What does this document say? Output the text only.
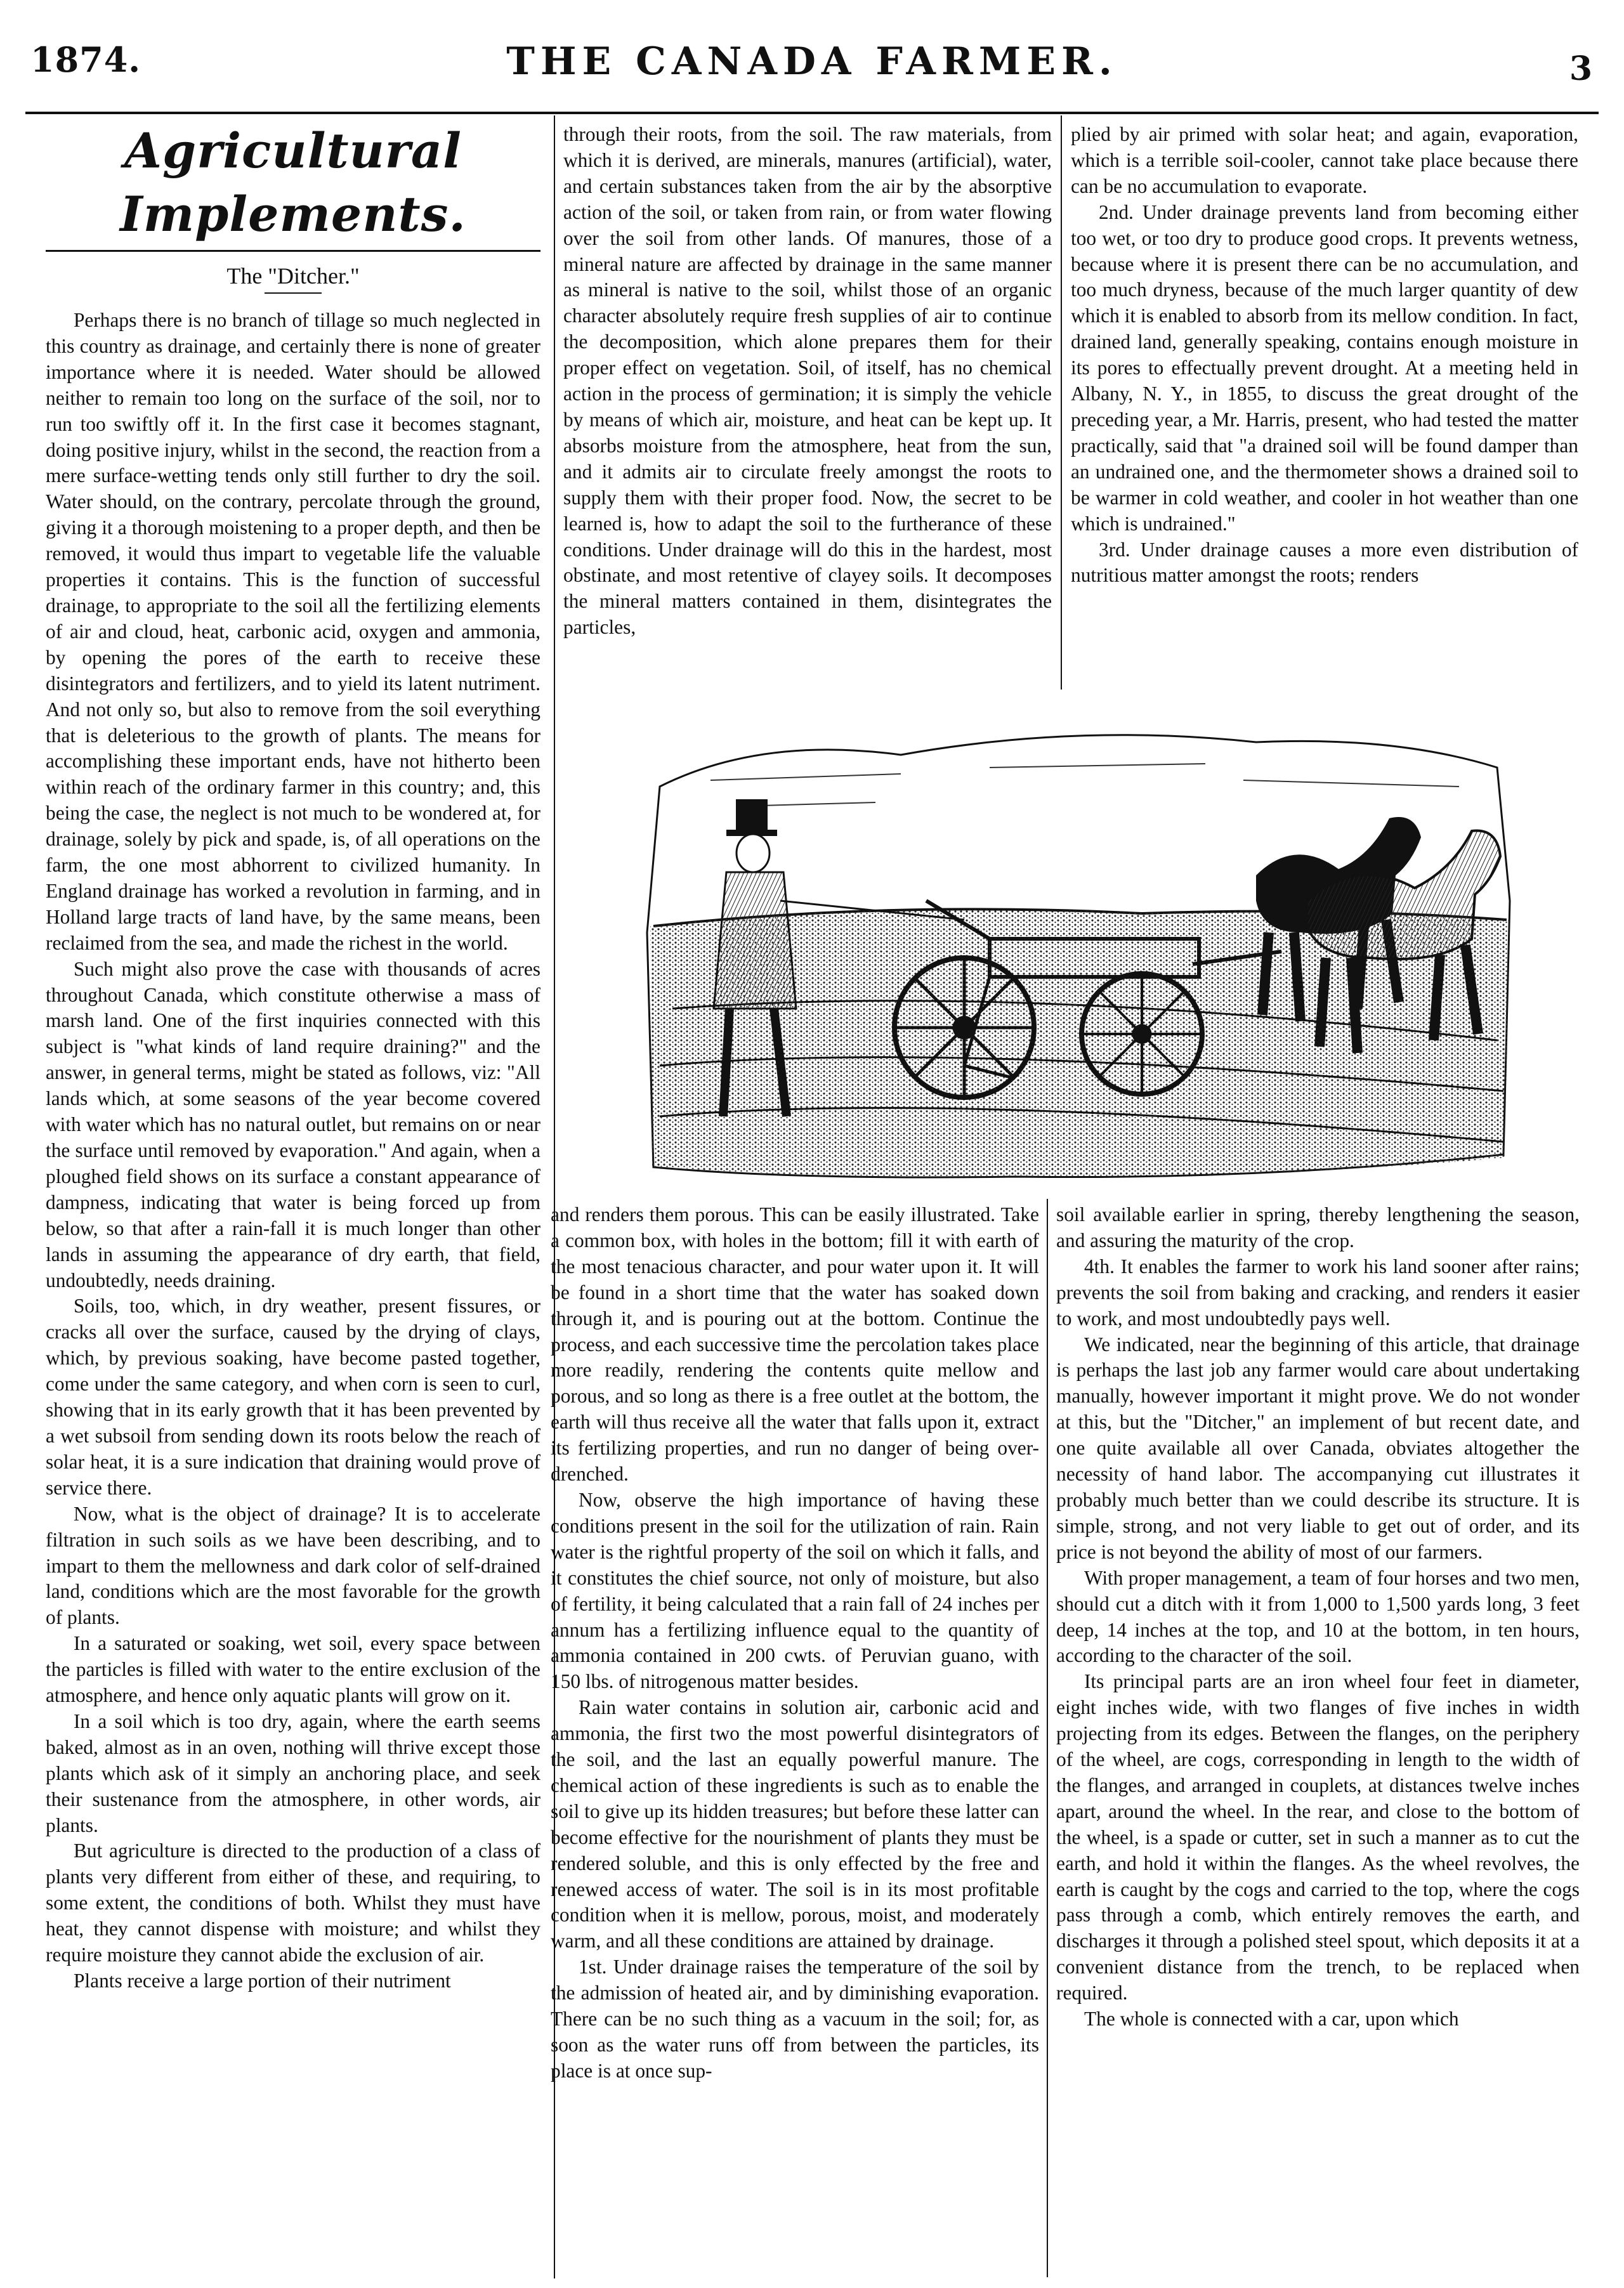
1874.	THE CANADA FARMER.	3
Agricultural Implements.
The "Ditcher."

Perhaps there is no branch of tillage so much neglected in this country as drainage, and certainly there is none of greater importance where it is needed. Water should be allowed neither to remain too long on the surface of the soil, nor to run too swiftly off it. In the first case it becomes stagnant, doing positive injury, whilst in the second, the reaction from a mere surface-wetting tends only still further to dry the soil. Water should, on the contrary, percolate through the ground, giving it a thorough moistening to a proper depth, and then be removed, it would thus impart to vegetable life the valuable properties it contains. This is the function of successful drainage, to appropriate to the soil all the fertilizing elements of air and cloud, heat, carbonic acid, oxygen and ammonia, by opening the pores of the earth to receive these disintegrators and fertilizers, and to yield its latent nutriment. And not only so, but also to remove from the soil everything that is deleterious to the growth of plants. The means for accomplishing these important ends, have not hitherto been within reach of the ordinary farmer in this country; and, this being the case, the neglect is not much to be wondered at, for drainage, solely by pick and spade, is, of all operations on the farm, the one most abhorrent to civilized humanity. In England drainage has worked a revolution in farming, and in Holland large tracts of land have, by the same means, been reclaimed from the sea, and made the richest in the world.

Such might also prove the case with thousands of acres throughout Canada, which constitute otherwise a mass of marsh land. One of the first inquiries connected with this subject is "what kinds of land require draining?" and the answer, in general terms, might be stated as follows, viz: "All lands which, at some seasons of the year become covered with water which has no natural outlet, but remains on or near the surface until removed by evaporation." And again, when a ploughed field shows on its surface a constant appearance of dampness, indicating that water is being forced up from below, so that after a rain-fall it is much longer than other lands in assuming the appearance of dry earth, that field, undoubtedly, needs draining.

Soils, too, which, in dry weather, present fissures, or cracks all over the surface, caused by the drying of clays, which, by previous soaking, have become pasted together, come under the same category, and when corn is seen to curl, showing that in its early growth that it has been prevented by a wet subsoil from sending down its roots below the reach of solar heat, it is a sure indication that draining would prove of service there.

Now, what is the object of drainage? It is to accelerate filtration in such soils as we have been describing, and to impart to them the mellowness and dark color of self-drained land, conditions which are the most favorable for the growth of plants.

In a saturated or soaking, wet soil, every space between the particles is filled with water to the entire exclusion of the atmosphere, and hence only aquatic plants will grow on it.

In a soil which is too dry, again, where the earth seems baked, almost as in an oven, nothing will thrive except those plants which ask of it simply an anchoring place, and seek their sustenance from the atmosphere, in other words, air plants.

But agriculture is directed to the production of a class of plants very different from either of these, and requiring, to some extent, the conditions of both. Whilst they must have heat, they cannot dispense with moisture; and whilst they require moisture they cannot abide the exclusion of air.

Plants receive a large portion of their nutriment

through their roots, from the soil. The raw materials, from which it is derived, are minerals, manures (artificial), water, and certain substances taken from the air by the absorptive action of the soil, or taken from rain, or from water flowing over the soil from other lands. Of manures, those of a mineral nature are affected by drainage in the same manner as mineral is native to the soil, whilst those of an organic character absolutely require fresh supplies of air to continue the decomposition, which alone prepares them for their proper effect on vegetation. Soil, of itself, has no chemical action in the process of germination; it is simply the vehicle by means of which air, moisture, and heat can be kept up. It absorbs moisture from the atmosphere, heat from the sun, and it admits air to circulate freely amongst the roots to supply them with their proper food. Now, the secret to be learned is, how to adapt the soil to the furtherance of these conditions. Under drainage will do this in the hardest, most obstinate, and most retentive of clayey soils. It decomposes the mineral matters contained in them, disintegrates the particles,

plied by air primed with solar heat; and again, evaporation, which is a terrible soil-cooler, cannot take place because there can be no accumulation to evaporate.

2nd. Under drainage prevents land from becoming either too wet, or too dry to produce good crops. It prevents wetness, because where it is present there can be no accumulation, and too much dryness, because of the much larger quantity of dew which it is enabled to absorb from its mellow condition. In fact, drained land, generally speaking, contains enough moisture in its pores to effectually prevent drought. At a meeting held in Albany, N. Y., in 1855, to discuss the great drought of the preceding year, a Mr. Harris, present, who had tested the matter practically, said that "a drained soil will be found damper than an undrained one, and the thermometer shows a drained soil to be warmer in cold weather, and cooler in hot weather than one which is undrained."

3rd. Under drainage causes a more even distribution of nutritious matter amongst the roots; renders

and renders them porous. This can be easily illustrated. Take a common box, with holes in the bottom; fill it with earth of the most tenacious character, and pour water upon it. It will be found in a short time that the water has soaked down through it, and is pouring out at the bottom. Continue the process, and each successive time the percolation takes place more readily, rendering the contents quite mellow and porous, and so long as there is a free outlet at the bottom, the earth will thus receive all the water that falls upon it, extract its fertilizing properties, and run no danger of being over-drenched.

Now, observe the high importance of having these conditions present in the soil for the utilization of rain. Rain water is the rightful property of the soil on which it falls, and it constitutes the chief source, not only of moisture, but also of fertility, it being calculated that a rain fall of 24 inches per annum has a fertilizing influence equal to the quantity of ammonia contained in 200 cwts. of Peruvian guano, with 150 lbs. of nitrogenous matter besides.

Rain water contains in solution air, carbonic acid and ammonia, the first two the most powerful disintegrators of the soil, and the last an equally powerful manure. The chemical action of these ingredients is such as to enable the soil to give up its hidden treasures; but before these latter can become effective for the nourishment of plants they must be rendered soluble, and this is only effected by the free and renewed access of water. The soil is in its most profitable condition when it is mellow, porous, moist, and moderately warm, and all these conditions are attained by drainage.

1st. Under drainage raises the temperature of the soil by the admission of heated air, and by diminishing evaporation. There can be no such thing as a vacuum in the soil; for, as soon as the water runs off from between the particles, its place is at once sup-

soil available earlier in spring, thereby lengthening the season, and assuring the maturity of the crop.

4th. It enables the farmer to work his land sooner after rains; prevents the soil from baking and cracking, and renders it easier to work, and most undoubtedly pays well.

We indicated, near the beginning of this article, that drainage is perhaps the last job any farmer would care about undertaking manually, however important it might prove. We do not wonder at this, but the "Ditcher," an implement of but recent date, and one quite available all over Canada, obviates altogether the necessity of hand labor. The accompanying cut illustrates it probably much better than we could describe its structure. It is simple, strong, and not very liable to get out of order, and its price is not beyond the ability of most of our farmers.

With proper management, a team of four horses and two men, should cut a ditch with it from 1,000 to 1,500 yards long, 3 feet deep, 14 inches at the top, and 10 at the bottom, in ten hours, according to the character of the soil.

Its principal parts are an iron wheel four feet in diameter, eight inches wide, with two flanges of five inches in width projecting from its edges. Between the flanges, on the periphery of the wheel, are cogs, corresponding in length to the width of the flanges, and arranged in couplets, at distances twelve inches apart, around the wheel. In the rear, and close to the bottom of the wheel, is a spade or cutter, set in such a manner as to cut the earth, and hold it within the flanges. As the wheel revolves, the earth is caught by the cogs and carried to the top, where the cogs pass through a comb, which entirely removes the earth, and discharges it through a polished steel spout, which deposits it at a convenient distance from the trench, to be replaced when required.

The whole is connected with a car, upon which
